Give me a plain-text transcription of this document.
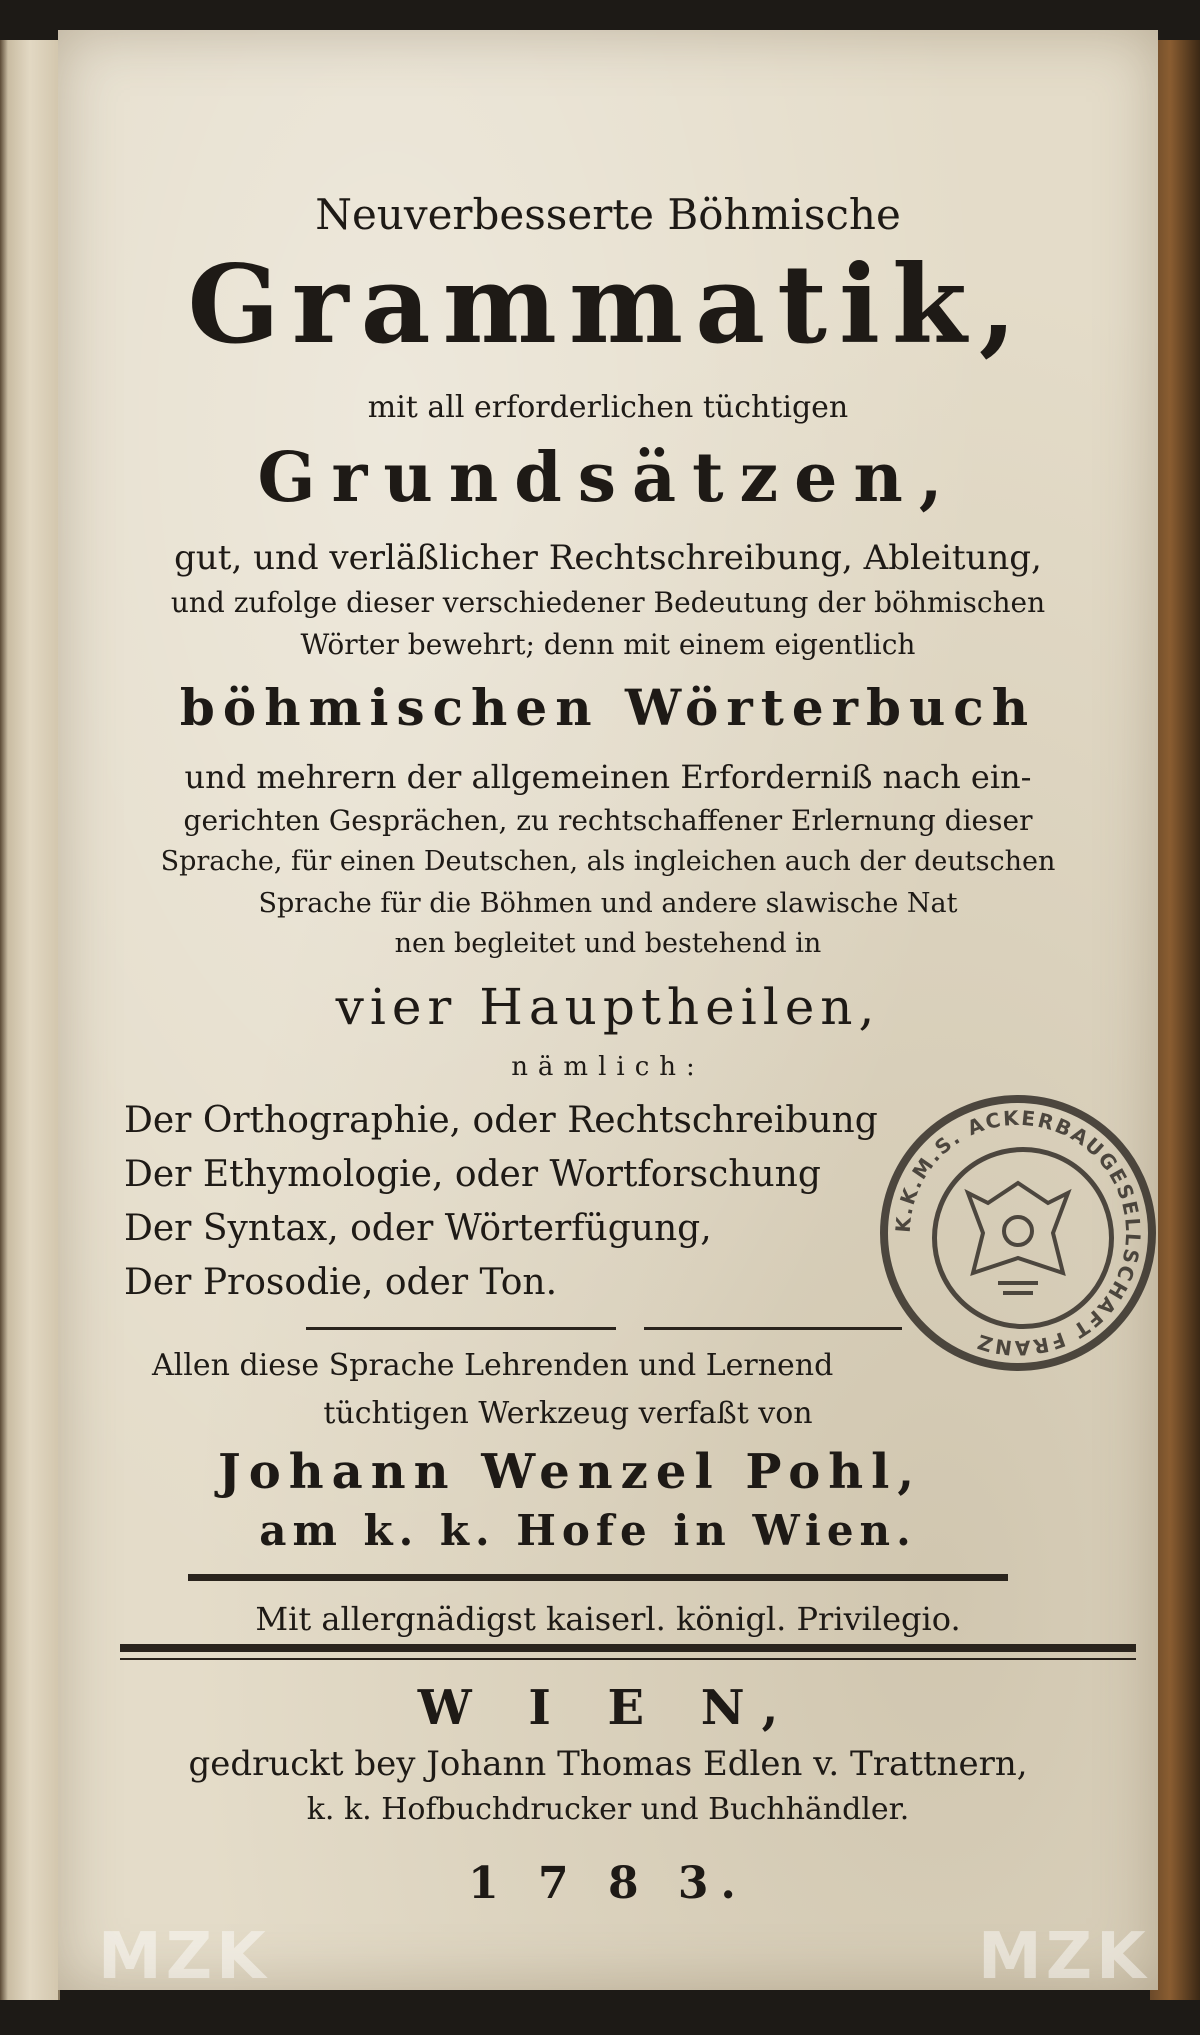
Neuverbesserte Böhmische
Grammatik,
mit all erforderlichen tüchtigen
Grundsätzen,
gut, und verläßlicher Rechtschreibung, Ableitung,
und zufolge dieser verschiedener Bedeutung der böhmischen
Wörter bewehrt; denn mit einem eigentlich
böhmischen Wörterbuch
und mehrern der allgemeinen Erforderniß nach ein-
gerichten Gesprächen, zu rechtschaffener Erlernung dieser
Sprache, für einen Deutschen, als ingleichen auch der deutschen
Sprache für die Böhmen und andere slawische Nat
nen begleitet und bestehend in
vier Hauptheilen,
nämlich:
Der Orthographie, oder Rechtschreibung
Der Ethymologie, oder Wortforschung
Der Syntax, oder Wörterfügung,
Der Prosodie, oder Ton.
Allen diese Sprache Lehrenden und Lernend
tüchtigen Werkzeug verfaßt von
Johann Wenzel Pohl,
am k. k. Hofe in Wien.
Mit allergnädigst kaiserl. königl. Privilegio.
W I E N,
gedruckt bey Johann Thomas Edlen v. Trattnern,
k. k. Hofbuchdrucker und Buchhändler.
1 7 8 3.
K.K.M.S. ACKERBAUGESELLSCHAFT FRANZ
MZK	MZK
